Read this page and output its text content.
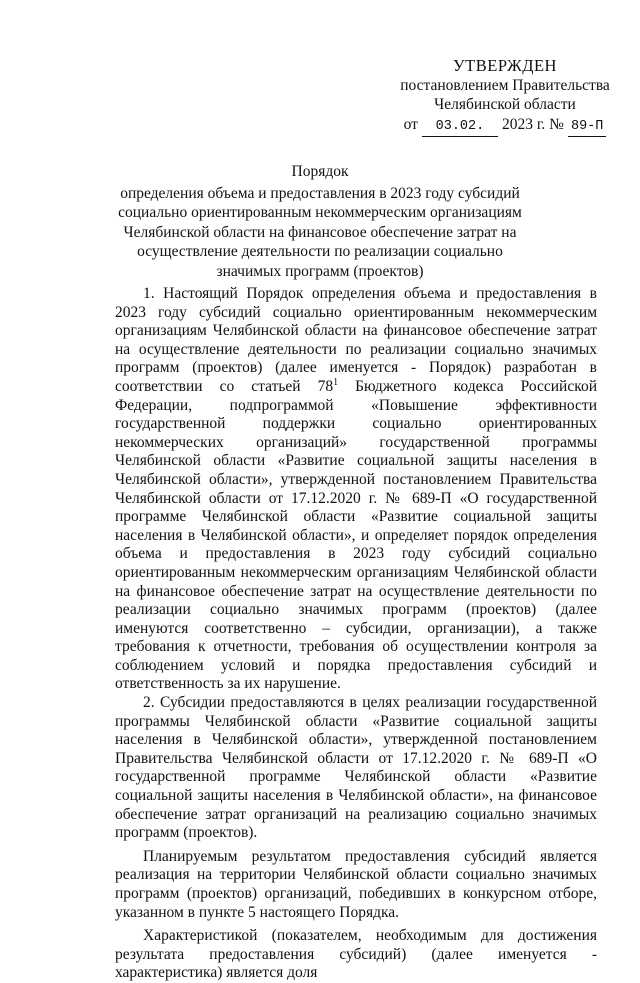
УТВЕРЖДЕН
постановлением Правительства
Челябинской области
от	03.02.	2023 г. № 89-П
Порядок
определения объема и предоставления в 2023 году субсидий социально ориентированным некоммерческим организациям Челябинской области на финансовое обеспечение затрат на осуществление деятельности по реализации социально значимых программ (проектов)

1. Настоящий Порядок определения объема и предоставления в 2023 году субсидий социально ориентированным некоммерческим организациям Челябинской области на финансовое обеспечение затрат на осуществление деятельности по реализации социально значимых программ (проектов) (далее именуется - Порядок) разработан в соответствии со статьей $78^1$ Бюджетного кодекса Российской Федерации, подпрограммой «Повышение эффективности государственной поддержки социально ориентированных некоммерческих организаций» государственной программы Челябинской области «Развитие социальной защиты населения в Челябинской области», утвержденной постановлением Правительства Челябинской области от 17.12.2020 г. № 689-П «О государственной программе Челябинской области «Развитие социальной защиты населения в Челябинской области», и определяет порядок определения объема и предоставления в 2023 году субсидий социально ориентированным некоммерческим организациям Челябинской области на финансовое обеспечение затрат на осуществление деятельности по реализации социально значимых программ (проектов) (далее именуются соответственно – субсидии, организации), а также требования к отчетности, требования об осуществлении контроля за соблюдением условий и порядка предоставления субсидий и ответственность за их нарушение.

2. Субсидии предоставляются в целях реализации государственной программы Челябинской области «Развитие социальной защиты населения в Челябинской области», утвержденной постановлением Правительства Челябинской области от 17.12.2020 г. № 689-П «О государственной программе Челябинской области «Развитие социальной защиты населения в Челябинской области», на финансовое обеспечение затрат организаций на реализацию социально значимых программ (проектов).

Планируемым результатом предоставления субсидий является реализация на территории Челябинской области социально значимых программ (проектов) организаций, победивших в конкурсном отборе, указанном в пункте 5 настоящего Порядка.

Характеристикой (показателем, необходимым для достижения результата предоставления субсидий) (далее именуется - характеристика) является доля
